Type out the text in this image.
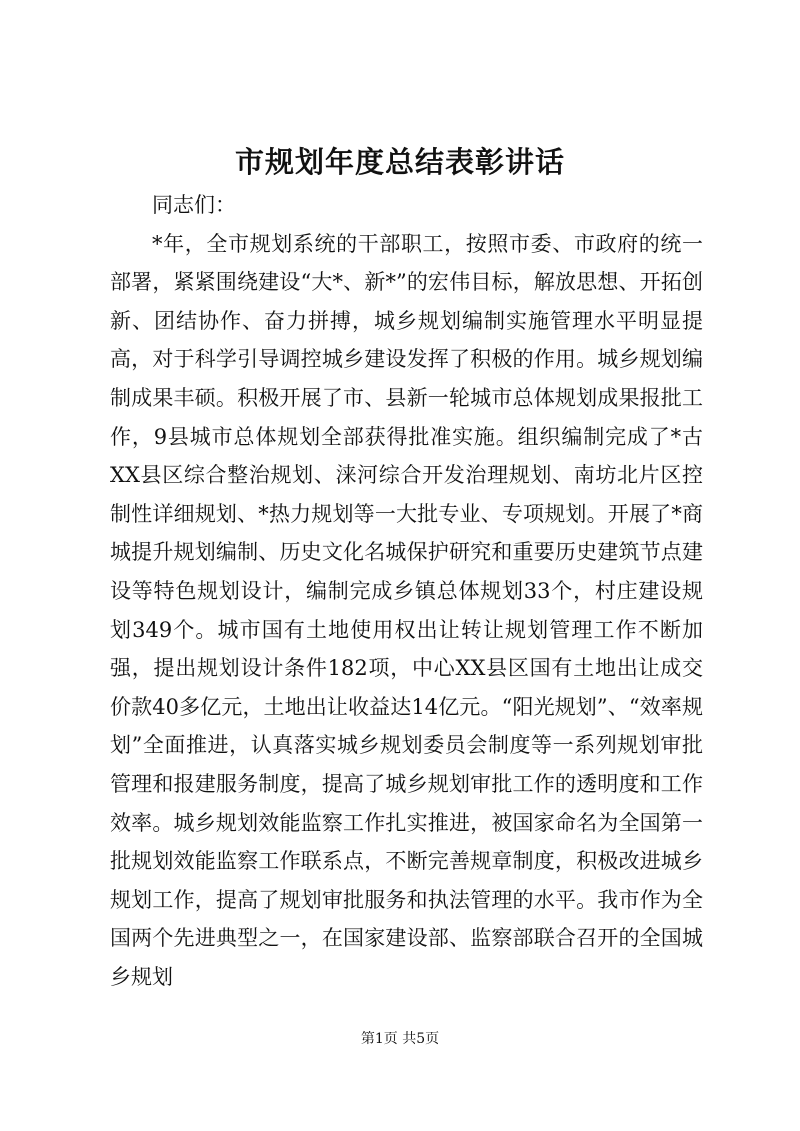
市规划年度总结表彰讲话

同志们：

*年，全市规划系统的干部职工，按照市委、市政府的统一部署，紧紧围绕建设“大*、新*”的宏伟目标，解放思想、开拓创新、团结协作、奋力拼搏，城乡规划编制实施管理水平明显提高，对于科学引导调控城乡建设发挥了积极的作用。城乡规划编制成果丰硕。积极开展了市、县新一轮城市总体规划成果报批工作，9县城市总体规划全部获得批准实施。组织编制完成了*古XX县区综合整治规划、涞河综合开发治理规划、南坊北片区控制性详细规划、*热力规划等一大批专业、专项规划。开展了*商城提升规划编制、历史文化名城保护研究和重要历史建筑节点建设等特色规划设计，编制完成乡镇总体规划33个，村庄建设规划349个。城市国有土地使用权出让转让规划管理工作不断加强，提出规划设计条件182项，中心XX县区国有土地出让成交价款40多亿元，土地出让收益达14亿元。“阳光规划”、“效率规划”全面推进，认真落实城乡规划委员会制度等一系列规划审批管理和报建服务制度，提高了城乡规划审批工作的透明度和工作效率。城乡规划效能监察工作扎实推进，被国家命名为全国第一批规划效能监察工作联系点，不断完善规章制度，积极改进城乡规划工作，提高了规划审批服务和执法管理的水平。我市作为全国两个先进典型之一，在国家建设部、监察部联合召开的全国城乡规划

第1页 共5页
